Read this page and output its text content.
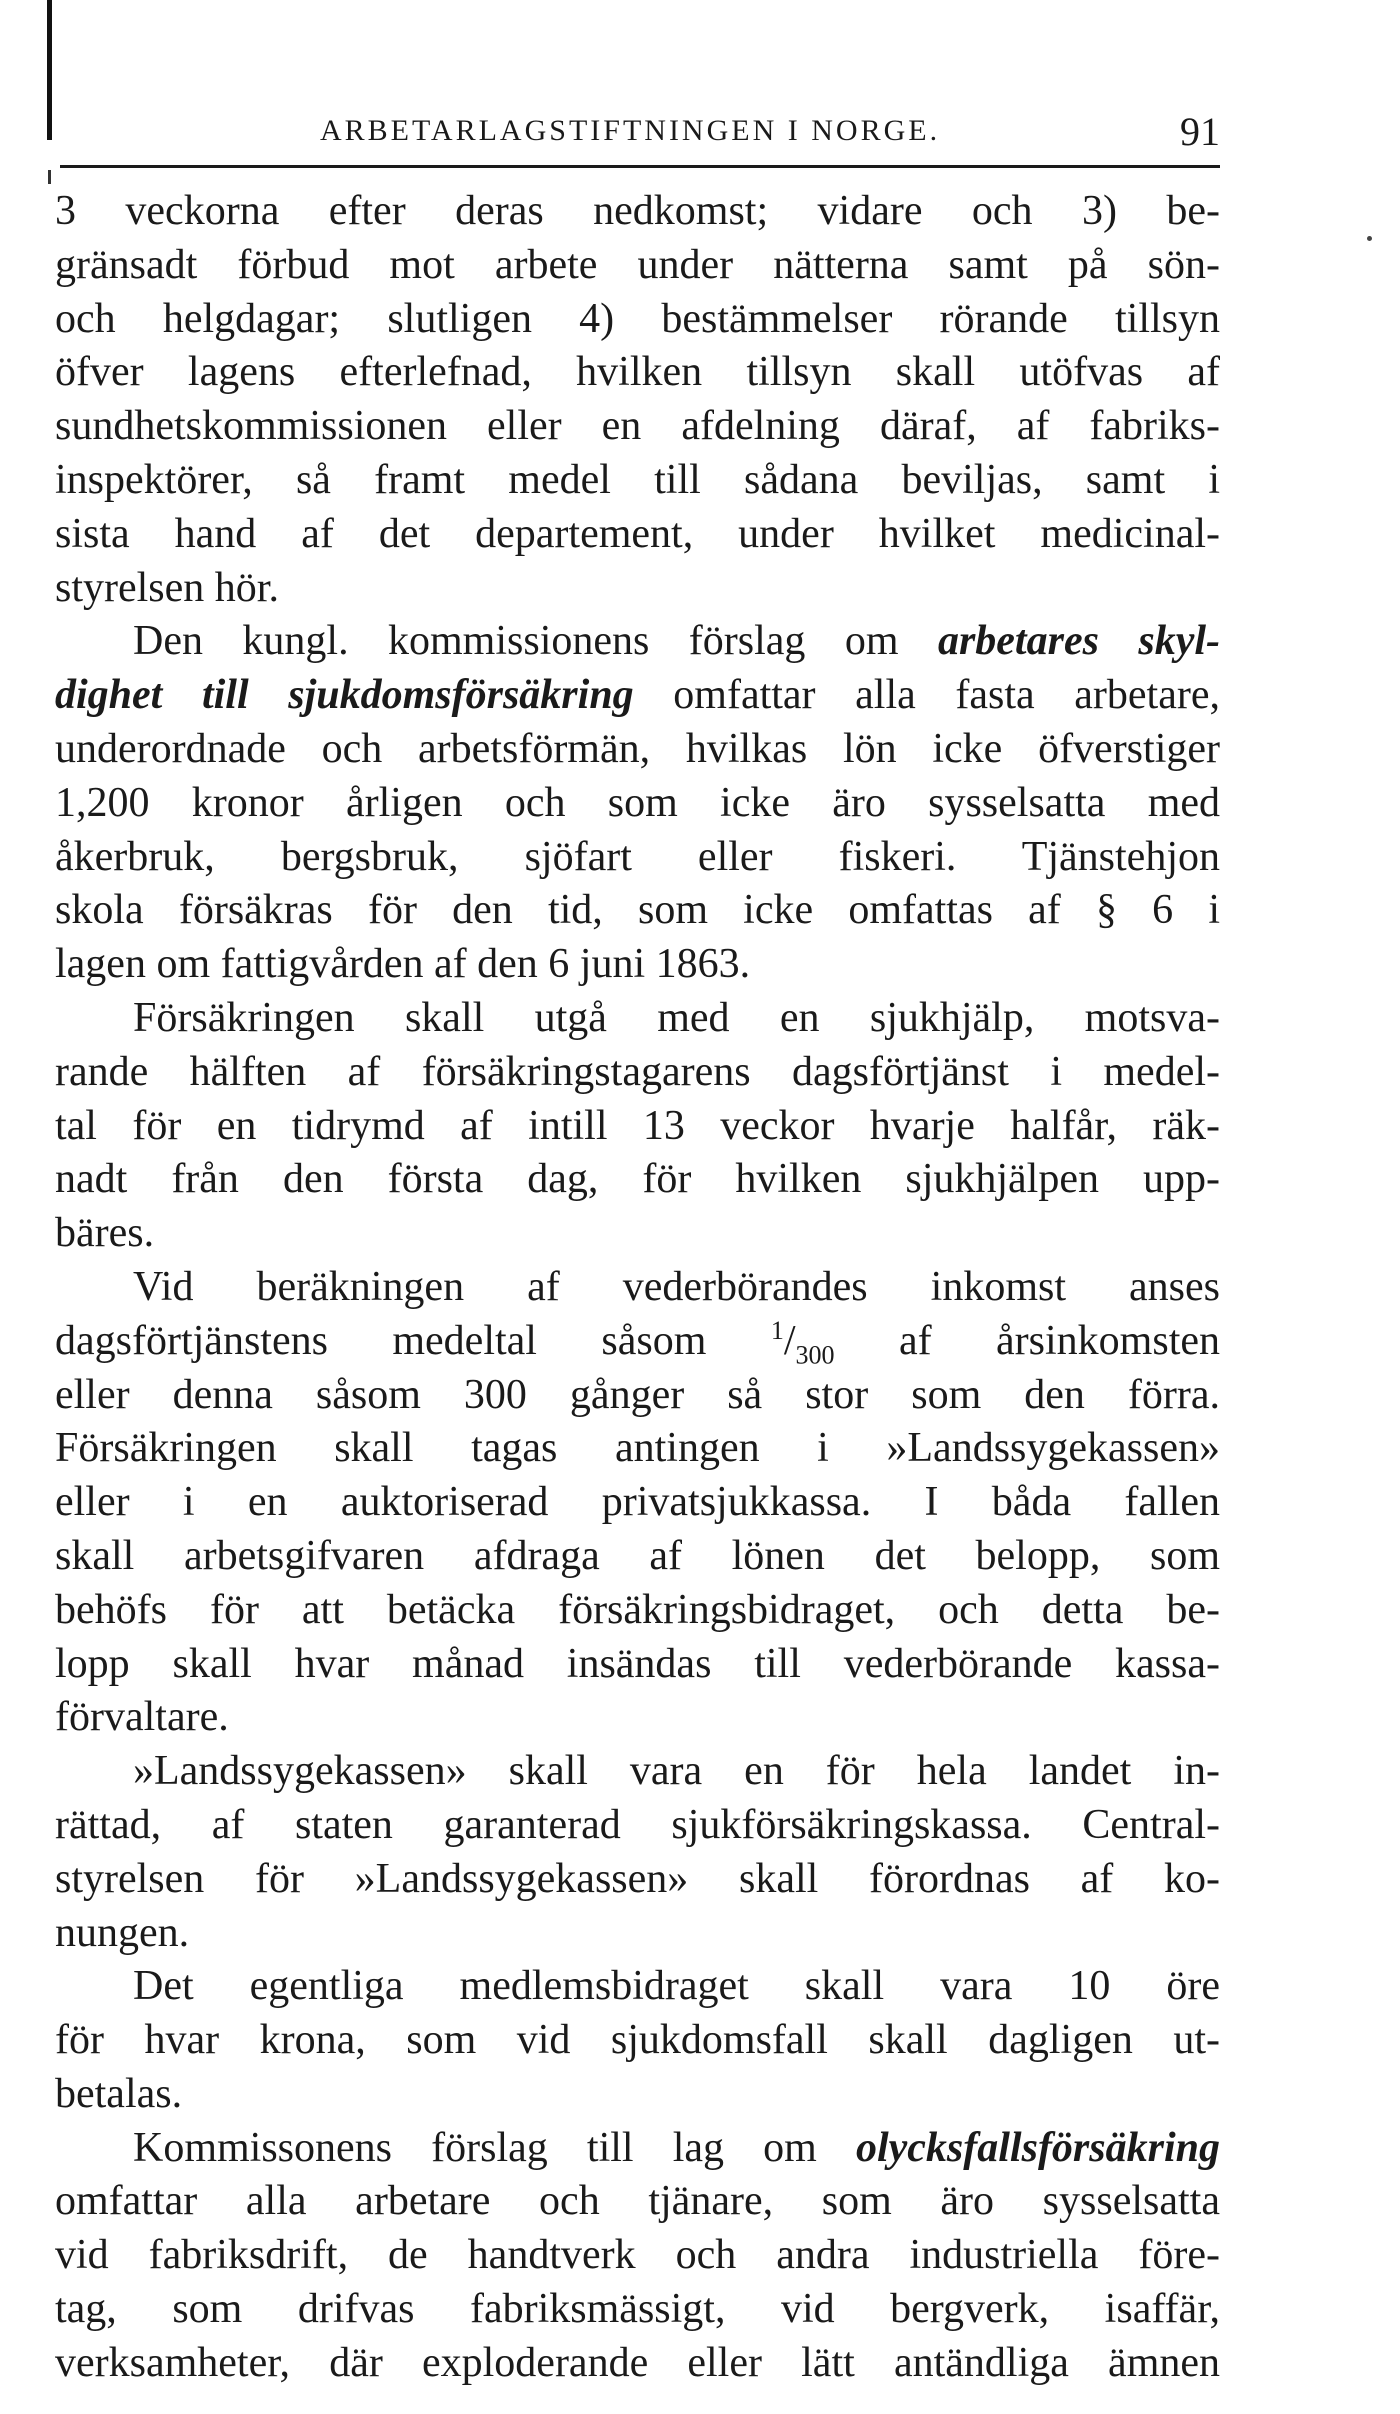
ARBETARLAGSTIFTNINGEN I NORGE.	91
3 veckorna efter deras nedkomst; vidare och 3) be-
gränsadt förbud mot arbete under nätterna samt på sön-
och helgdagar; slutligen 4) bestämmelser rörande tillsyn
öfver lagens efterlefnad, hvilken tillsyn skall utöfvas af
sundhetskommissionen eller en afdelning däraf, af fabriks-
inspektörer, så framt medel till sådana beviljas, samt i
sista hand af det departement, under hvilket medicinal-
styrelsen hör.
Den kungl. kommissionens förslag om arbetares skyl-
dighet till sjukdomsförsäkring omfattar alla fasta arbetare,
underordnade och arbetsförmän, hvilkas lön icke öfverstiger
1,200 kronor årligen och som icke äro sysselsatta med
åkerbruk, bergsbruk, sjöfart eller fiskeri. Tjänstehjon
skola försäkras för den tid, som icke omfattas af § 6 i
lagen om fattigvården af den 6 juni 1863.
Försäkringen skall utgå med en sjukhjälp, motsva-
rande hälften af försäkringstagarens dagsförtjänst i medel-
tal för en tidrymd af intill 13 veckor hvarje halfår, räk-
nadt från den första dag, för hvilken sjukhjälpen upp-
bäres.
Vid beräkningen af vederbörandes inkomst anses
dagsförtjänstens medeltal såsom $^1/_{300}$ af årsinkomsten
eller denna såsom 300 gånger så stor som den förra.
Försäkringen skall tagas antingen i »Landssygekassen»
eller i en auktoriserad privatsjukkassa. I båda fallen
skall arbetsgifvaren afdraga af lönen det belopp, som
behöfs för att betäcka försäkringsbidraget, och detta be-
lopp skall hvar månad insändas till vederbörande kassa-
förvaltare.
»Landssygekassen» skall vara en för hela landet in-
rättad, af staten garanterad sjukförsäkringskassa. Central-
styrelsen för »Landssygekassen» skall förordnas af ko-
nungen.
Det egentliga medlemsbidraget skall vara 10 öre
för hvar krona, som vid sjukdomsfall skall dagligen ut-
betalas.
Kommissonens förslag till lag om olycksfallsförsäkring
omfattar alla arbetare och tjänare, som äro sysselsatta
vid fabriksdrift, de handtverk och andra industriella före-
tag, som drifvas fabriksmässigt, vid bergverk, isaffär,
verksamheter, där exploderande eller lätt antändliga ämnen
